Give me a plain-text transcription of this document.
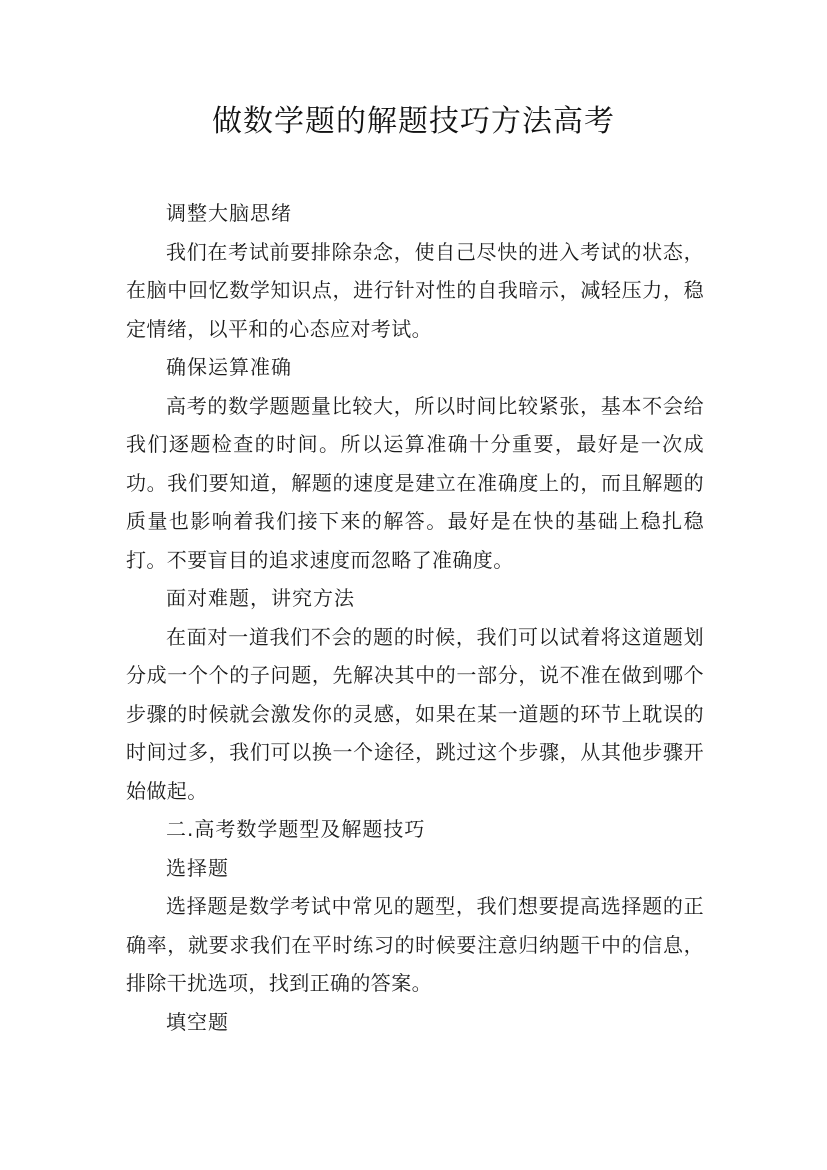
做数学题的解题技巧方法高考

调整大脑思绪

我们在考试前要排除杂念，使自己尽快的进入考试的状态，在脑中回忆数学知识点，进行针对性的自我暗示，减轻压力，稳定情绪，以平和的心态应对考试。

确保运算准确

高考的数学题题量比较大，所以时间比较紧张，基本不会给我们逐题检查的时间。所以运算准确十分重要，最好是一次成功。我们要知道，解题的速度是建立在准确度上的，而且解题的质量也影响着我们接下来的解答。最好是在快的基础上稳扎稳打。不要盲目的追求速度而忽略了准确度。

面对难题，讲究方法

在面对一道我们不会的题的时候，我们可以试着将这道题划分成一个个的子问题，先解决其中的一部分，说不准在做到哪个步骤的时候就会激发你的灵感，如果在某一道题的环节上耽误的时间过多，我们可以换一个途径，跳过这个步骤，从其他步骤开始做起。

二.高考数学题型及解题技巧

选择题

选择题是数学考试中常见的题型，我们想要提高选择题的正确率，就要求我们在平时练习的时候要注意归纳题干中的信息，排除干扰选项，找到正确的答案。

填空题
